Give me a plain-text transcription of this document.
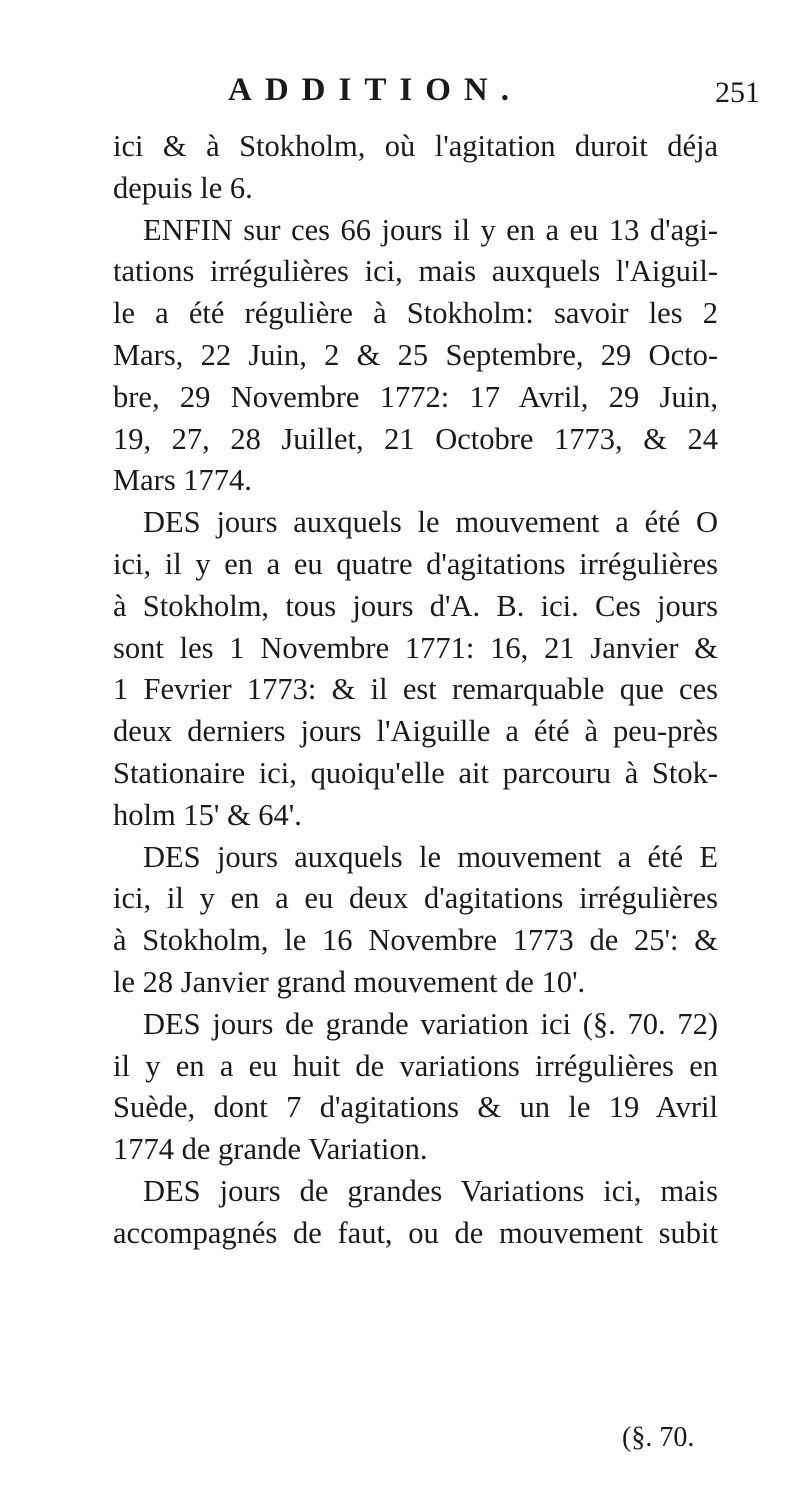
ADDITION.	251
ici & à Stokholm, où l'agitation duroit déja
depuis le 6.
ENFIN sur ces 66 jours il y en a eu 13 d'agi-
tations irrégulières ici, mais auxquels l'Aiguil-
le a été régulière à Stokholm: savoir les 2
Mars, 22 Juin, 2 & 25 Septembre, 29 Octo-
bre, 29 Novembre 1772: 17 Avril, 29 Juin,
19, 27, 28 Juillet, 21 Octobre 1773, & 24
Mars 1774.
DES jours auxquels le mouvement a été O
ici, il y en a eu quatre d'agitations irrégulières
à Stokholm, tous jours d'A. B. ici. Ces jours
sont les 1 Novembre 1771: 16, 21 Janvier &
1 Fevrier 1773: & il est remarquable que ces
deux derniers jours l'Aiguille a été à peu-près
Stationaire ici, quoiqu'elle ait parcouru à Stok-
holm 15' & 64'.
DES jours auxquels le mouvement a été E
ici, il y en a eu deux d'agitations irrégulières
à Stokholm, le 16 Novembre 1773 de 25': &
le 28 Janvier grand mouvement de 10'.
DES jours de grande variation ici (§. 70. 72)
il y en a eu huit de variations irrégulières en
Suède, dont 7 d'agitations & un le 19 Avril
1774 de grande Variation.
DES jours de grandes Variations ici, mais
accompagnés de faut, ou de mouvement subit
(§. 70.
